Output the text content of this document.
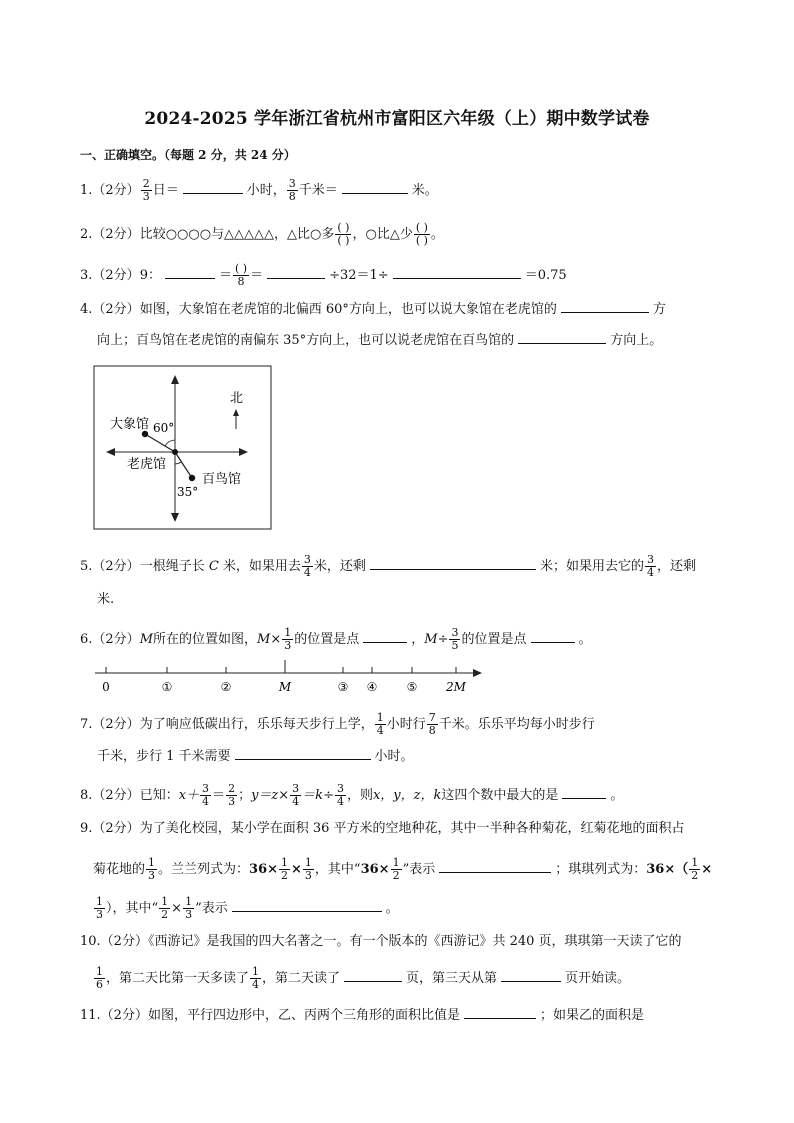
2024-2025 学年浙江省杭州市富阳区六年级（上）期中数学试卷
一、正确填空。（每题 2 分，共 24 分）
1.（2分） $\frac{2}{3}$ 日＝	小时， $\frac{3}{8}$ 千米＝	米。
2.（2分）比较○○○○与△△△△△，△比○多 $\frac{( )}{( )}$ ，○比△少 $\frac{( )}{( )}$ 。
3.（2分）9：	＝ $\frac{( )}{8}$ ＝	÷32＝1÷	＝0.75
4.（2分）如图，大象馆在老虎馆的北偏西 60°方向上，也可以说大象馆在老虎馆的	方
向上；百鸟馆在老虎馆的南偏东 35°方向上，也可以说老虎馆在百鸟馆的	方向上。
北
大象馆 60°
老虎馆
百鸟馆
35°
5.（2分）一根绳子长 C 米，如果用去 $\frac{3}{4}$ 米，还剩	米；如果用去它的 $\frac{3}{4}$ ，还剩
米.
6.（2分）M所在的位置如图，$M\times \frac{1}{3}$ 的位置是点	，$M\div \frac{3}{5}$ 的位置是点	。
0	①	②	M	③ ④ ⑤ 2M
7.（2分）为了响应低碳出行，乐乐每天步行上学， $\frac{1}{4}$ 小时行 $\frac{7}{8}$ 千米。乐乐平均每小时步行
千米，步行 1 千米需要	小时。
8.（2分）已知：$x+ \frac{3}{4} = \frac{2}{3}$ ；$y=z\times \frac{3}{4} =k\div \frac{3}{4}$ ，则x，y，z，k这四个数中最大的是	。
9.（2分）为了美化校园，某小学在面积 36 平方米的空地种花，其中一半种各种菊花，红菊花地的面积占
菊花地的 $\frac{1}{3}$ 。兰兰列式为：$36\times \frac{1}{2} \times \frac{1}{3}$ ，其中“$36\times \frac{1}{2}$ ”表示	；琪琪列式为：$36\times( \frac{1}{2}$ ×
$\frac{1}{3}$ ），其中“ $\frac{1}{2} \times \frac{1}{3}$ ”表示	。
10.（2分）《西游记》是我国的四大名著之一。有一个版本的《西游记》共 240 页，琪琪第一天读了它的
$\frac{1}{6}$ ，第二天比第一天多读了 $\frac{1}{4}$ ，第二天读了	页，第三天从第	页开始读。
11.（2分）如图，平行四边形中，乙、丙两个三角形的面积比值是	；如果乙的面积是
